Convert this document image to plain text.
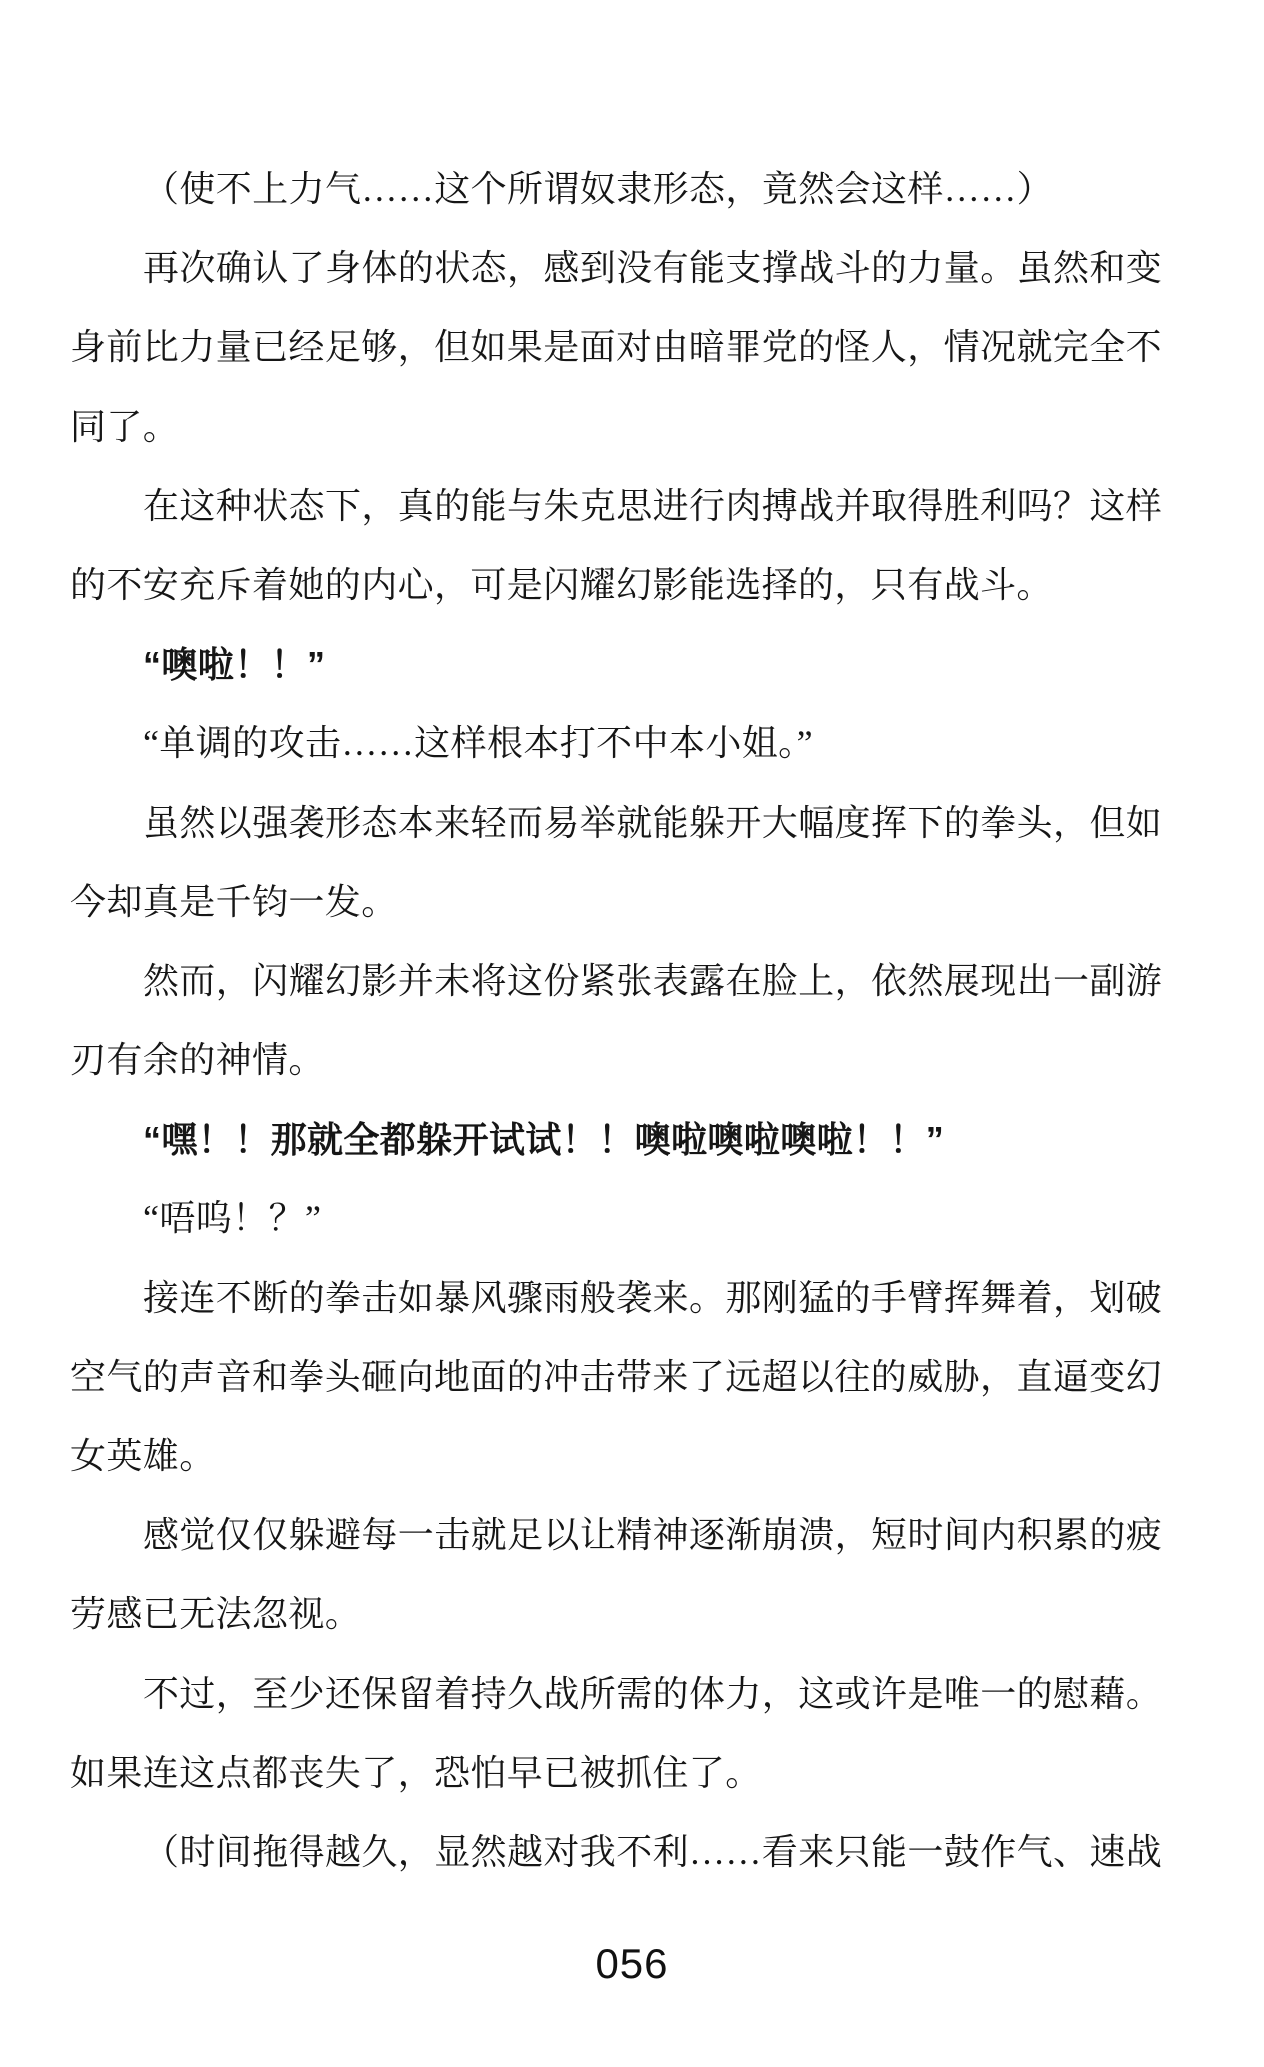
（使不上力气……这个所谓奴隶形态，竟然会这样……）
再次确认了身体的状态，感到没有能支撑战斗的力量。虽然和变
身前比力量已经足够，但如果是面对由暗罪党的怪人，情况就完全不
同了。
在这种状态下，真的能与朱克思进行肉搏战并取得胜利吗？这样
的不安充斥着她的内心，可是闪耀幻影能选择的，只有战斗。
“噢啦！！”
“单调的攻击……这样根本打不中本小姐。”
虽然以强袭形态本来轻而易举就能躲开大幅度挥下的拳头，但如
今却真是千钧一发。
然而，闪耀幻影并未将这份紧张表露在脸上，依然展现出一副游
刃有余的神情。
“嘿！！那就全都躲开试试！！噢啦噢啦噢啦！！”
“唔呜！？”
接连不断的拳击如暴风骤雨般袭来。那刚猛的手臂挥舞着，划破
空气的声音和拳头砸向地面的冲击带来了远超以往的威胁，直逼变幻
女英雄。
感觉仅仅躲避每一击就足以让精神逐渐崩溃，短时间内积累的疲
劳感已无法忽视。
不过，至少还保留着持久战所需的体力，这或许是唯一的慰藉。
如果连这点都丧失了，恐怕早已被抓住了。
（时间拖得越久，显然越对我不利……看来只能一鼓作气、速战
056
